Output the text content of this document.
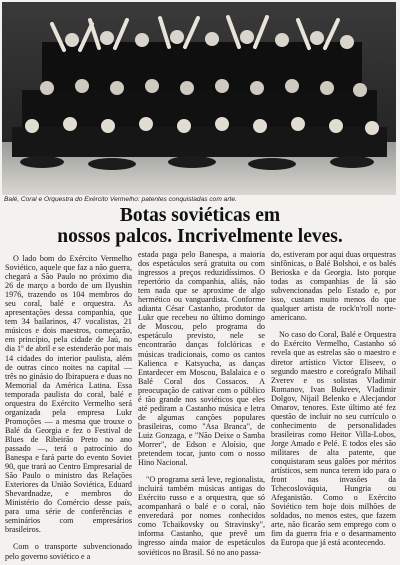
Balé, Coral e Orquestra do Exército Vermelho: patentes conquistadas com arte.
Botas soviéticas em
nossos palcos. Incrivelmente leves.

O lado bom do Exército Vermelho Soviético, aquele que faz a não guerra, chegará a São Paulo no próximo dia 26 de março a bordo de um Ilyushin 1976, trazendo os 104 membros do seu coral, balé e orquestra. As apresentações dessa companhia, que tem 34 bailarinos, 47 vocalistas, 21 músicos e dois maestros, começarão, em princípio, pela cidade de Jaú, no dia 1º de abril e se estenderão por mais 14 cidades do interior paulista, além de outras cinco noites na capital — três no ginásio do Ibirapuera e duas no Memorial da América Latina. Essa temporada paulista do coral, balé e orquestra do Exército Vermelho será organizada pela empresa Lukr Promoções — a mesma que trouxe o Balé da Georgia e fez o Festival de Blues de Ribeirão Preto no ano passado —, terá o patrocínio do Banespa e fará parte do evento Soviet 90, que trará ao Centro Empresarial de São Paulo o ministro das Relações Exteriores da União Soviética, Eduard Shevardnadze, e membros do Ministério do Comércio desse país, para uma série de conferências e seminários com empresários brasileiros.

Com o transporte subvencionado pelo governo soviético e a

estada paga pelo Banespa, a maioria dos espetáculos será gratuita ou com ingressos a preços reduzidíssimos. O repertório da companhia, aliás, não tem nada que se aproxime de algo hermético ou vanguardista. Conforme adianta César Castanho, produtor da Lukr que recebeu no último domingo de Moscou, pelo programa do espetáculo previsto, nele se encontrarão danças folclóricas e músicas tradicionais, como os cantos Kalienca e Katsyucha, as danças Entardecer em Moscou, Balalaica e o Balé Coral dos Cossacos. A preocupação de cativar com o público é tão grande nos soviéticos que eles até pediram a Castanho música e letra de algumas canções populares brasileiras, como "Asa Branca", de Luiz Gonzaga, e "Não Deixe o Samba Morrer", de Edson e Aloísio, que pretendem tocar, junto com o nosso Hino Nacional.

"O programa será leve, regionalista, incluirá também músicas antigas do Exército russo e a orquestra, que só acompanhará o balé e o coral, não enveredará por nomes conhecidos como Tchaikovsky ou Stravinsky", informa Castanho, que prevê um ingresso ainda maior de espetáculos soviéticos no Brasil. Só no ano passa-

do, estiveram por aqui duas orquestras sinfônicas, o Balé Bolshoi, e os balés Berioska e da Georgia. Isto porque todas as companhias de lá são subvencionadas pelo Estado e, por isso, custam muito menos do que qualquer artista de rock'n'roll norte-americano.

No caso do Coral, Balé e Orquestra do Exército Vermelho, Castanho só revela que as estrelas são o maestro e diretor artístico Victor Eliseev, o segundo maestro e coreógrafo Mihail Zverev e os solistas Vladimir Romanov, Ivan Bukreev, Vladimir Dolgov, Nijail Belenko e Alecjandor Omarov, tenores. Este último até fez questão de incluir no seu currículo o conhecimento de personalidades brasileiras como Heitor Villa-Lobos, Jorge Amado e Pelé. E todos eles são militares de alta patente, que conquistaram seus galões por méritos artísticos, sem nunca terem ido para o front nas invasões da Tchecoslováquia, Hungria ou Afeganistão. Como o Exército Soviético tem hoje dois milhões de soldados, no menos estes, que fazem arte, não ficarão sem emprego com o fim da guerra fria e o desarmamento da Europa que já está acontecendo.
